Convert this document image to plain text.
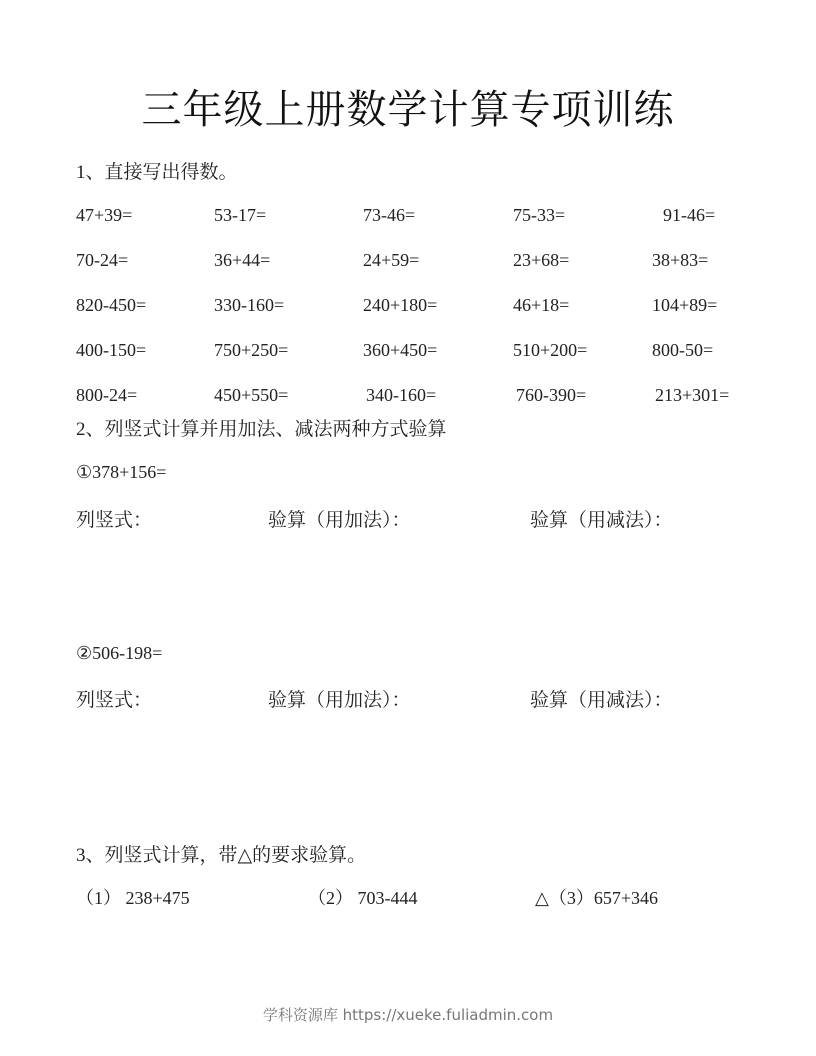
三年级上册数学计算专项训练
1、直接写出得数。
47+39=	53-17=	73-46=	75-33=	91-46=
70-24=	36+44=	24+59=	23+68=	38+83=
820-450=	330-160=	240+180=	46+18=	104+89=
400-150=	750+250=	360+450=	510+200=	800-50=
800-24=	450+550=	340-160=	760-390=	213+301=
2、列竖式计算并用加法、减法两种方式验算
①378+156=
列竖式：	验算（用加法）：	验算（用减法）：
②506-198=
列竖式：	验算（用加法）：	验算（用减法）：
3、列竖式计算，带△的要求验算。
（1） 238+475	（2） 703-444	△（3）657+346
学科资源库 https://xueke.fuliadmin.com
